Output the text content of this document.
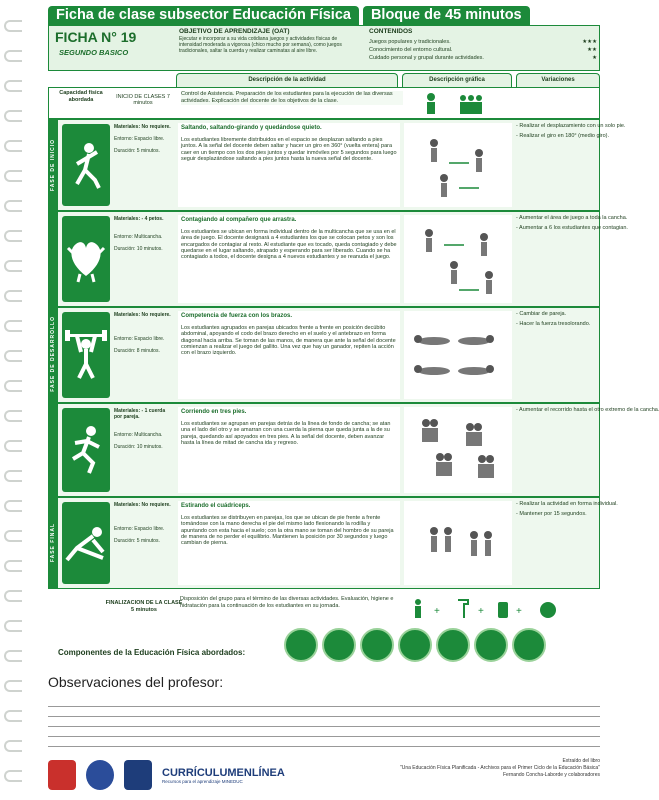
Ficha de clase subsector Educación Física	Bloque de 45 minutos
FICHA N° 19
SEGUNDO BASICO
OBJETIVO DE APRENDIZAJE (OAT)
Ejecutar e incorporar a su vida cotidiana juegos y actividades físicas de intensidad moderada a vigorosa (chico mucho por semana), como juegos tradicionales, saltar la cuerda y realizar caminatas al aire libre.
CONTENIDOS
Juegos populares y tradicionales.	★★★
Conocimiento del entorno cultural.	★★
Cuidado personal y grupal durante actividades.	★
Descripción de la actividad	Descripción gráfica	Variaciones
Capacidad física abordada	INICIO DE CLASES 7 minutos
Control de Asistencia. Preparación de los estudiantes para la ejecución de las diversas actividades. Explicación del docente de los objetivos de la clase.
FASE DE INICIO
FASE DE DESARROLLO
FASE FINAL
Materiales: No requiere.

Entorno: Espacio libre.

Duración: 5 minutos.
Saltando, saltando-girando y quedándose quieto.
Los estudiantes libremente distribuidos en el espacio se desplazan saltando a pies juntos. A la señal del docente deben saltar y hacer un giro en 360° (vuelta entera) para caer en un tiempo con los dos pies juntos y quedar inmóviles por 5 segundos para luego seguir desplazándose saltando a pies juntos hasta la nueva señal del docente.

- Realizar el desplazamiento con un solo pie.

- Realizar el giro en 180° (medio giro).

Materiales: - 4 petos.

Entorno: Multicancha.

Duración: 10 minutos.
Contagiando al compañero que arrastra.
Los estudiantes se ubican en forma individual dentro de la multicancha que se usa en el área de juego. El docente designará a 4 estudiantes los que se colocan petos y son los encargados de contagiar al resto. Al estudiante que es tocado, queda contagiado y debe quedarse en el lugar saltando, atrapado y esperando para ser liberado. Cuando se ha contagiado a todos, el docente designa a 4 nuevos estudiantes y se reanuda el juego.

- Aumentar el área de juego a toda la cancha.

- Aumentar a 6 los estudiantes que contagian.

Materiales: No requiere.

Entorno: Espacio libre.

Duración: 8 minutos.
Competencia de fuerza con los brazos.
Los estudiantes agrupados en parejas ubicados frente a frente en posición decúbito abdominal, apoyando el codo del brazo derecho en el suelo y el antebrazo en forma diagonal hacia arriba. Se toman de las manos, de manera que ante la señal del docente comienzan a realizar el juego del gallito. Una vez que hay un ganador, repiten la acción con el brazo izquierdo.

- Cambiar de pareja.

- Hacer la fuerza tresolorando.

Materiales: - 1 cuerda por pareja.

Entorno: Multicancha.

Duración: 10 minutos.
Corriendo en tres pies.
Los estudiantes se agrupan en parejas detrás de la línea de fondo de cancha; se atan una el lado del otro y se amarran con una cuerda la pierna que queda junta a la de su pareja, quedando así apoyados en tres pies. A la señal del docente, deben avanzar hasta la línea de mitad de cancha ida y regreso.

- Aumentar el recorrido hasta el otro extremo de la cancha.

Materiales: No requiere.

Entorno: Espacio libre.

Duración: 5 minutos.
Estirando el cuádriceps.
Los estudiantes se distribuyen en parejas, los que se ubican de pie frente a frente tomándose con la mano derecha el pie del mismo lado flexionando la rodilla y apuntando con esta hacia el suelo; con la otra mano se toman del hombro de su pareja de manera de no perder el equilibrio. Mantienen la posición por 30 segundos y luego cambian de pierna.

- Realizar la actividad en forma individual.

- Mantener por 15 segundos.

FINALIZACION DE LA CLASE 5 minutos
Disposición del grupo para el término de las diversas actividades. Evaluación, higiene e hidratación para la continuación de los estudiantes en su jornada.
+	+	+
Componentes de la Educación Física abordados:
Observaciones del profesor:
CURRÍCULUMENLÍNEA
Recursos para el aprendizaje MINEDUC
Extraído del libro
"Una Educación Física Planificada - Archivos para el Primer Ciclo de la Educación Básica"
Fernando Concha-Laborde y colaboradores
